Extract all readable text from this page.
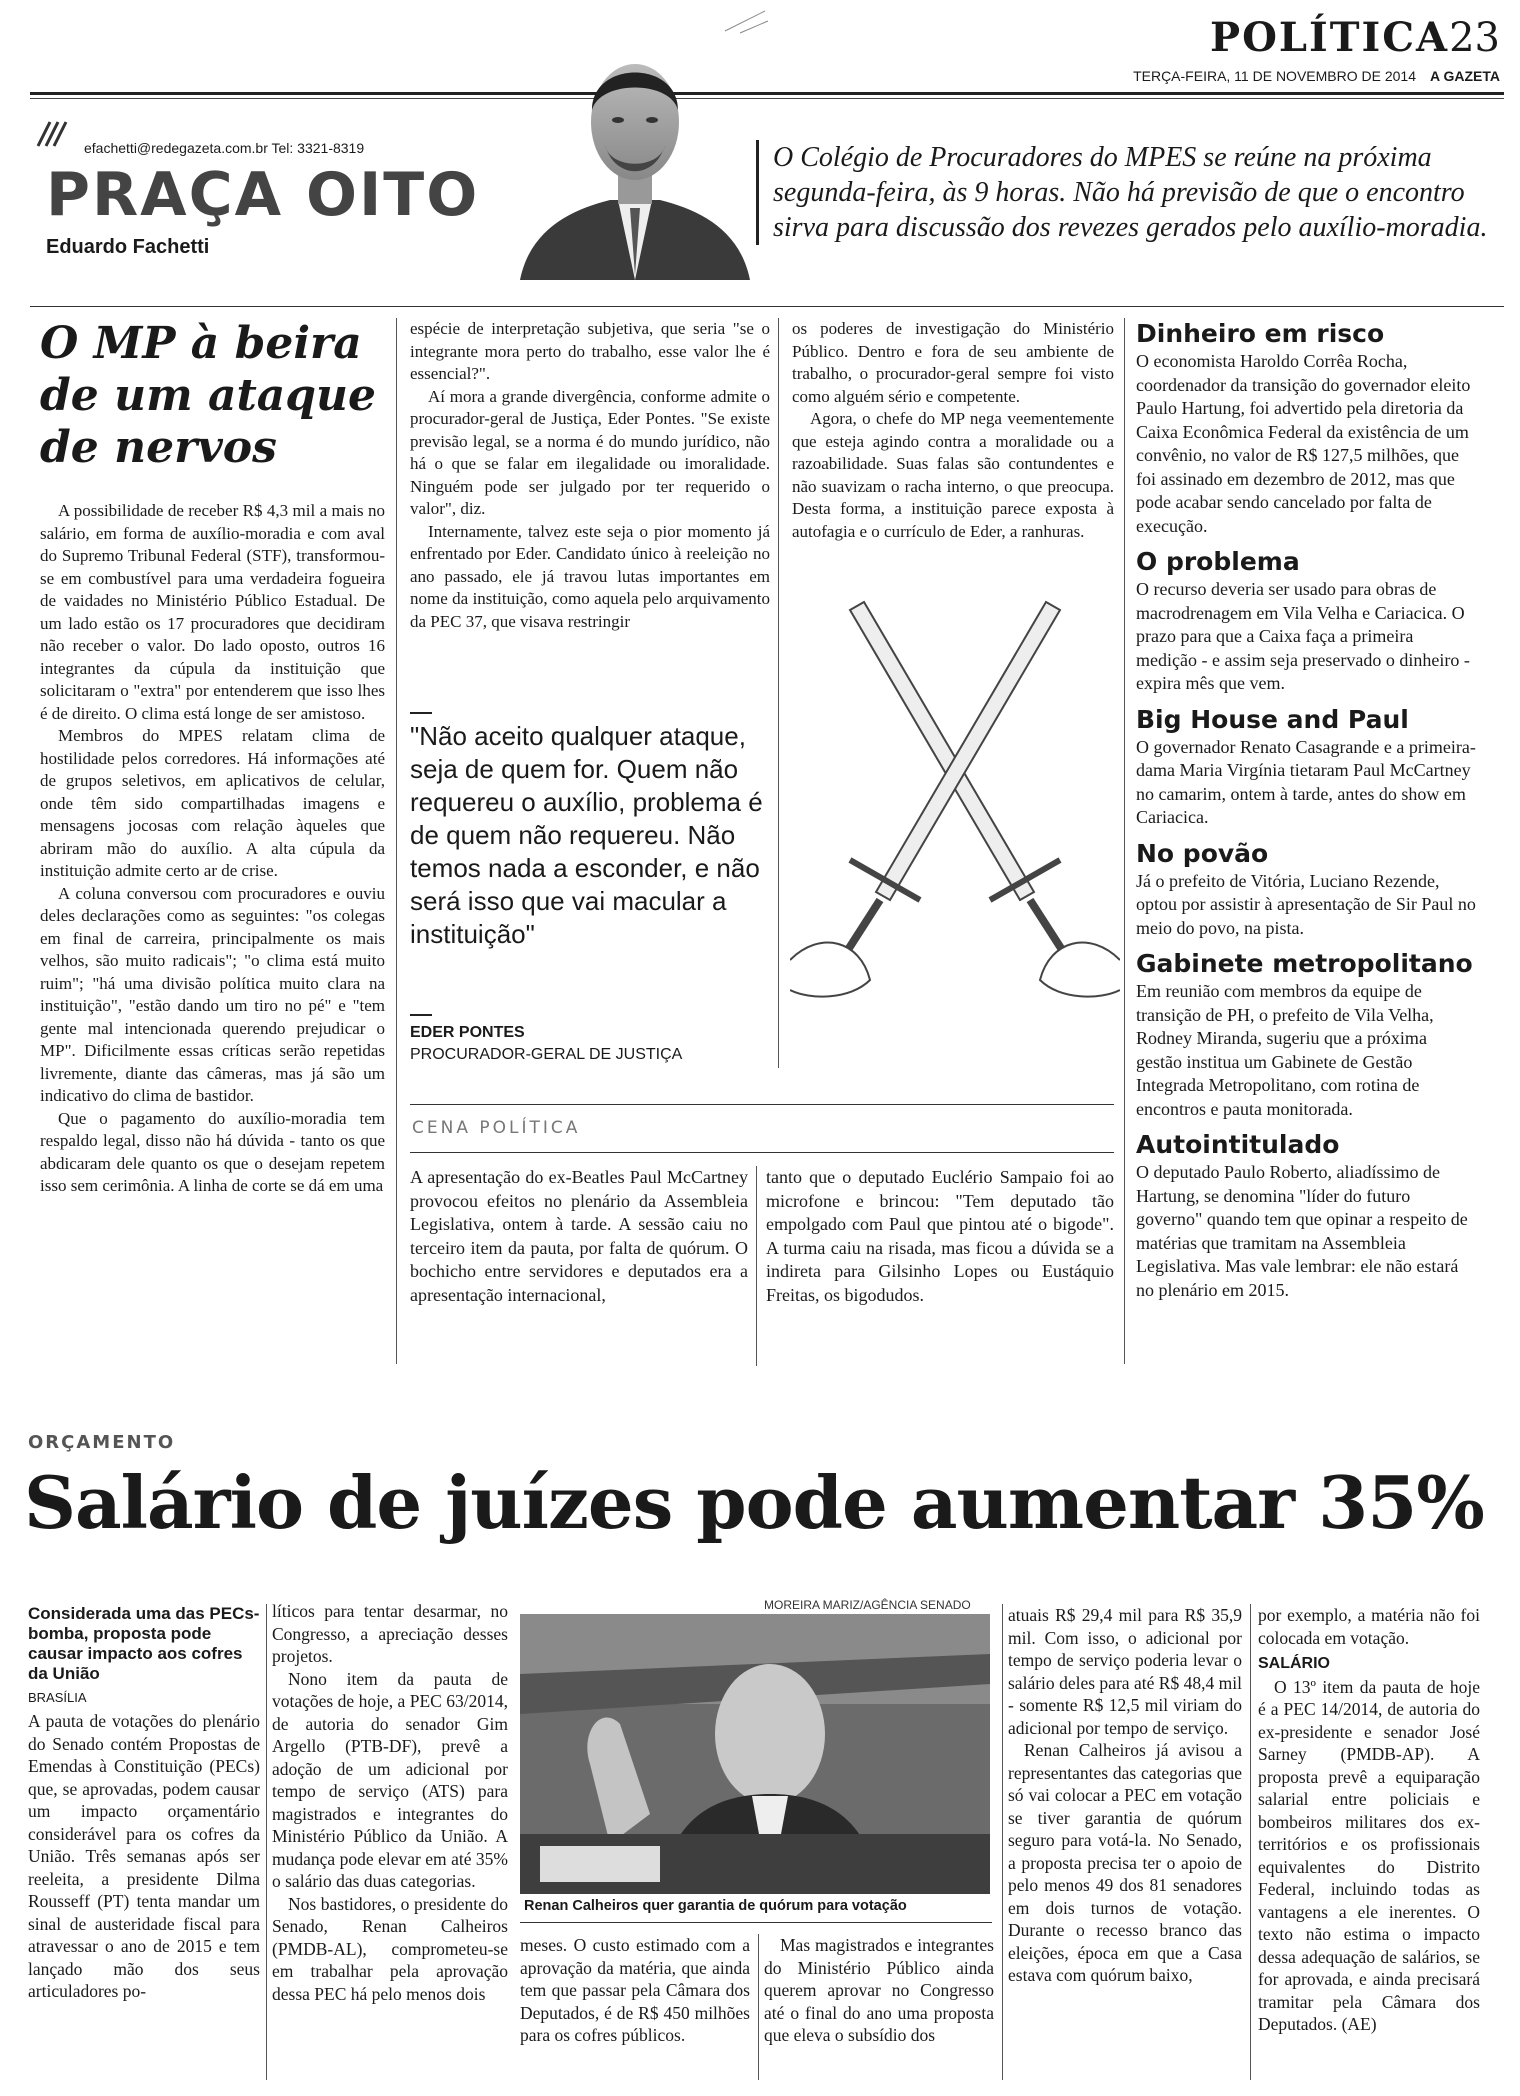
POLÍTICA23
TERÇA-FEIRA, 11 DE NOVEMBRO DE 2014 A GAZETA
efachetti@redegazeta.com.br Tel: 3321-8319
PRAÇA OITO
Eduardo Fachetti
O Colégio de Procuradores do MPES se reúne na próxima segunda-feira, às 9 horas. Não há previsão de que o encontro sirva para discussão dos revezes gerados pelo auxílio-moradia.
O MP à beira de um ataque de nervos

A possibilidade de receber R$ 4,3 mil a mais no salário, em forma de auxílio-moradia e com aval do Supremo Tribunal Federal (STF), transformou-se em combustível para uma verdadeira fogueira de vaidades no Ministério Público Estadual. De um lado estão os 17 procuradores que decidiram não receber o valor. Do lado oposto, outros 16 integrantes da cúpula da instituição que solicitaram o "extra" por entenderem que isso lhes é de direito. O clima está longe de ser amistoso.

Membros do MPES relatam clima de hostilidade pelos corredores. Há informações até de grupos seletivos, em aplicativos de celular, onde têm sido compartilhadas imagens e mensagens jocosas com relação àqueles que abriram mão do auxílio. A alta cúpula da instituição admite certo ar de crise.

A coluna conversou com procuradores e ouviu deles declarações como as seguintes: "os colegas em final de carreira, principalmente os mais velhos, são muito radicais"; "o clima está muito ruim"; "há uma divisão política muito clara na instituição", "estão dando um tiro no pé" e "tem gente mal intencionada querendo prejudicar o MP". Dificilmente essas críticas serão repetidas livremente, diante das câmeras, mas já são um indicativo do clima de bastidor.

Que o pagamento do auxílio-moradia tem respaldo legal, disso não há dúvida - tanto os que abdicaram dele quanto os que o desejam repetem isso sem cerimônia. A linha de corte se dá em uma

espécie de interpretação subjetiva, que seria "se o integrante mora perto do trabalho, esse valor lhe é essencial?".

Aí mora a grande divergência, conforme admite o procurador-geral de Justiça, Eder Pontes. "Se existe previsão legal, se a norma é do mundo jurídico, não há o que se falar em ilegalidade ou imoralidade. Ninguém pode ser julgado por ter requerido o valor", diz.

Internamente, talvez este seja o pior momento já enfrentado por Eder. Candidato único à reeleição no ano passado, ele já travou lutas importantes em nome da instituição, como aquela pelo arquivamento da PEC 37, que visava restringir

"Não aceito qualquer ataque, seja de quem for. Quem não requereu o auxílio, problema é de quem não requereu. Não temos nada a esconder, e não será isso que vai macular a instituição"
EDER PONTES
PROCURADOR-GERAL DE JUSTIÇA

os poderes de investigação do Ministério Público. Dentro e fora de seu ambiente de trabalho, o procurador-geral sempre foi visto como alguém sério e competente.

Agora, o chefe do MP nega veementemente que esteja agindo contra a moralidade ou a razoabilidade. Suas falas são contundentes e não suavizam o racha interno, o que preocupa. Desta forma, a instituição parece exposta à autofagia e o currículo de Eder, a ranhuras.

CENA POLÍTICA

A apresentação do ex-Beatles Paul McCartney provocou efeitos no plenário da Assembleia Legislativa, ontem à tarde. A sessão caiu no terceiro item da pauta, por falta de quórum. O bochicho entre servidores e deputados era a apresentação internacional,

tanto que o deputado Euclério Sampaio foi ao microfone e brincou: "Tem deputado tão empolgado com Paul que pintou até o bigode". A turma caiu na risada, mas ficou a dúvida se a indireta para Gilsinho Lopes ou Eustáquio Freitas, os bigodudos.

Dinheiro em risco

O economista Haroldo Corrêa Rocha, coordenador da transição do governador eleito Paulo Hartung, foi advertido pela diretoria da Caixa Econômica Federal da existência de um convênio, no valor de R$ 127,5 milhões, que foi assinado em dezembro de 2012, mas que pode acabar sendo cancelado por falta de execução.

O problema

O recurso deveria ser usado para obras de macrodrenagem em Vila Velha e Cariacica. O prazo para que a Caixa faça a primeira medição - e assim seja preservado o dinheiro - expira mês que vem.

Big House and Paul

O governador Renato Casagrande e a primeira-dama Maria Virgínia tietaram Paul McCartney no camarim, ontem à tarde, antes do show em Cariacica.

No povão

Já o prefeito de Vitória, Luciano Rezende, optou por assistir à apresentação de Sir Paul no meio do povo, na pista.

Gabinete metropolitano

Em reunião com membros da equipe de transição de PH, o prefeito de Vila Velha, Rodney Miranda, sugeriu que a próxima gestão institua um Gabinete de Gestão Integrada Metropolitano, com rotina de encontros e pauta monitorada.

Autointitulado

O deputado Paulo Roberto, aliadíssimo de Hartung, se denomina "líder do futuro governo" quando tem que opinar a respeito de matérias que tramitam na Assembleia Legislativa. Mas vale lembrar: ele não estará no plenário em 2015.

ORÇAMENTO
Salário de juízes pode aumentar 35%
Considerada uma das PECs-bomba, proposta pode causar impacto aos cofres da União
BRASÍLIA

A pauta de votações do plenário do Senado contém Propostas de Emendas à Constituição (PECs) que, se aprovadas, podem causar um impacto orçamentário considerável para os cofres da União. Três semanas após ser reeleita, a presidente Dilma Rousseff (PT) tenta mandar um sinal de austeridade fiscal para atravessar o ano de 2015 e tem lançado mão dos seus articuladores po-

líticos para tentar desarmar, no Congresso, a apreciação desses projetos.

Nono item da pauta de votações de hoje, a PEC 63/2014, de autoria do senador Gim Argello (PTB-DF), prevê a adoção de um adicional por tempo de serviço (ATS) para magistrados e integrantes do Ministério Público da União. A mudança pode elevar em até 35% o salário das duas categorias.

Nos bastidores, o presidente do Senado, Renan Calheiros (PMDB-AL), comprometeu-se em trabalhar pela aprovação dessa PEC há pelo menos dois

MOREIRA MARIZ/AGÊNCIA SENADO
Renan Calheiros quer garantia de quórum para votação

meses. O custo estimado com a aprovação da matéria, que ainda tem que passar pela Câmara dos Deputados, é de R$ 450 milhões para os cofres públicos.

Mas magistrados e integrantes do Ministério Público ainda querem aprovar no Congresso até o final do ano uma proposta que eleva o subsídio dos

atuais R$ 29,4 mil para R$ 35,9 mil. Com isso, o adicional por tempo de serviço poderia levar o salário deles para até R$ 48,4 mil - somente R$ 12,5 mil viriam do adicional por tempo de serviço.

Renan Calheiros já avisou a representantes das categorias que só vai colocar a PEC em votação se tiver garantia de quórum seguro para votá-la. No Senado, a proposta precisa ter o apoio de pelo menos 49 dos 81 senadores em dois turnos de votação. Durante o recesso branco das eleições, época em que a Casa estava com quórum baixo,

por exemplo, a matéria não foi colocada em votação.

SALÁRIO

O 13º item da pauta de hoje é a PEC 14/2014, de autoria do ex-presidente e senador José Sarney (PMDB-AP). A proposta prevê a equiparação salarial entre policiais e bombeiros militares dos ex-territórios e os profissionais equivalentes do Distrito Federal, incluindo todas as vantagens a ele inerentes. O texto não estima o impacto dessa adequação de salários, se for aprovada, e ainda precisará tramitar pela Câmara dos Deputados. (AE)
